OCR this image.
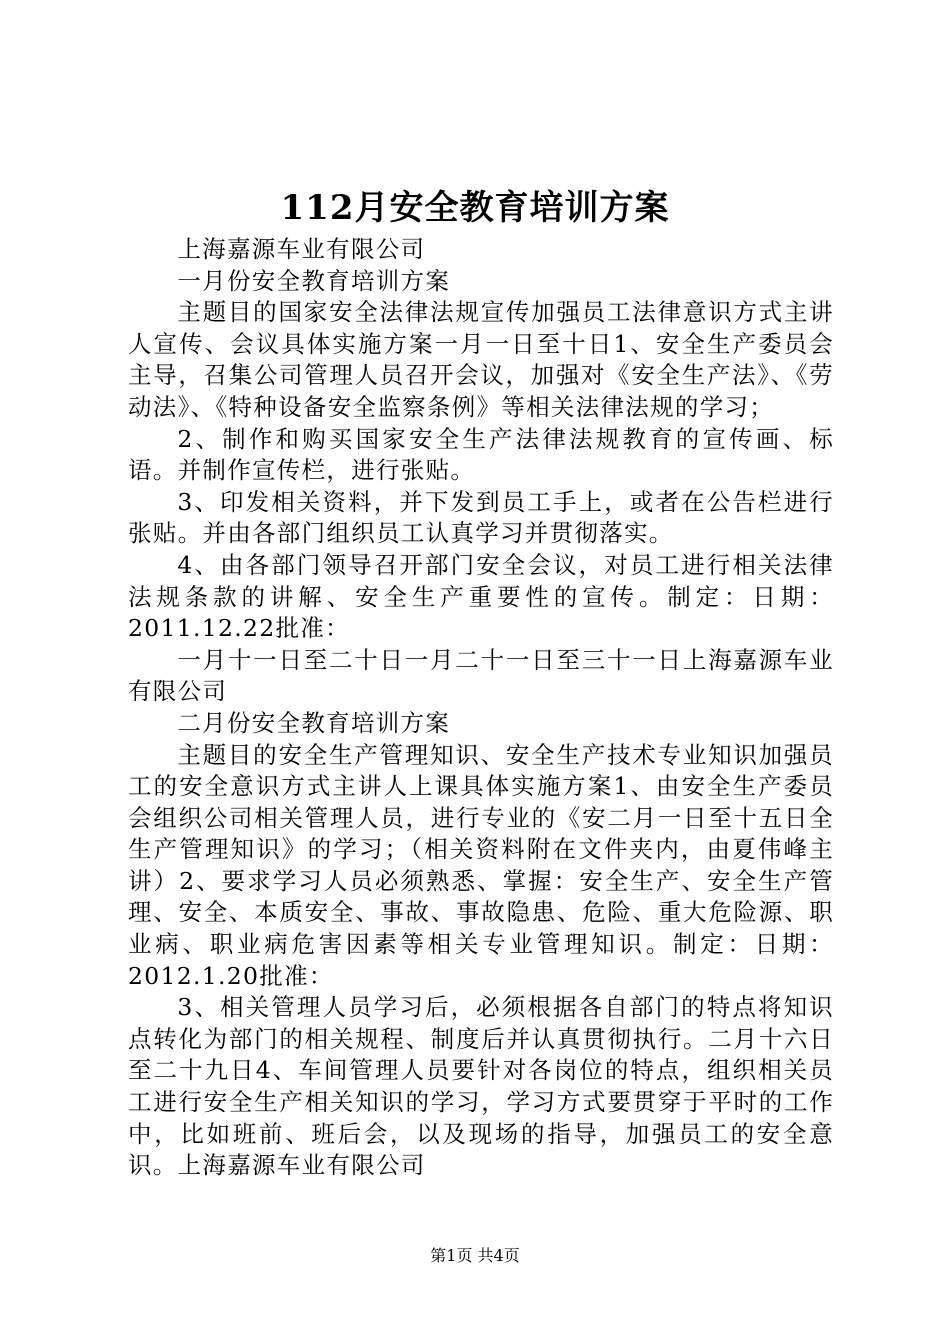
112月安全教育培训方案

上海嘉源车业有限公司

一月份安全教育培训方案

主题目的国家安全法律法规宣传加强员工法律意识方式主讲人宣传、会议具体实施方案一月一日至十日1、安全生产委员会主导，召集公司管理人员召开会议，加强对《安全生产法》、《劳动法》、《特种设备安全监察条例》等相关法律法规的学习；

2、制作和购买国家安全生产法律法规教育的宣传画、标语。并制作宣传栏，进行张贴。

3、印发相关资料，并下发到员工手上，或者在公告栏进行张贴。并由各部门组织员工认真学习并贯彻落实。

4、由各部门领导召开部门安全会议，对员工进行相关法律法规条款的讲解、安全生产重要性的宣传。制定：日期：2011.12.22批准：

一月十一日至二十日一月二十一日至三十一日上海嘉源车业有限公司

二月份安全教育培训方案

主题目的安全生产管理知识、安全生产技术专业知识加强员工的安全意识方式主讲人上课具体实施方案1、由安全生产委员会组织公司相关管理人员，进行专业的《安二月一日至十五日全生产管理知识》的学习；（相关资料附在文件夹内，由夏伟峰主讲）2、要求学习人员必须熟悉、掌握：安全生产、安全生产管理、安全、本质安全、事故、事故隐患、危险、重大危险源、职业病、职业病危害因素等相关专业管理知识。制定：日期：2012.1.20批准：

3、相关管理人员学习后，必须根据各自部门的特点将知识点转化为部门的相关规程、制度后并认真贯彻执行。二月十六日至二十九日4、车间管理人员要针对各岗位的特点，组织相关员工进行安全生产相关知识的学习，学习方式要贯穿于平时的工作中，比如班前、班后会，以及现场的指导，加强员工的安全意识。上海嘉源车业有限公司

第1页 共4页
